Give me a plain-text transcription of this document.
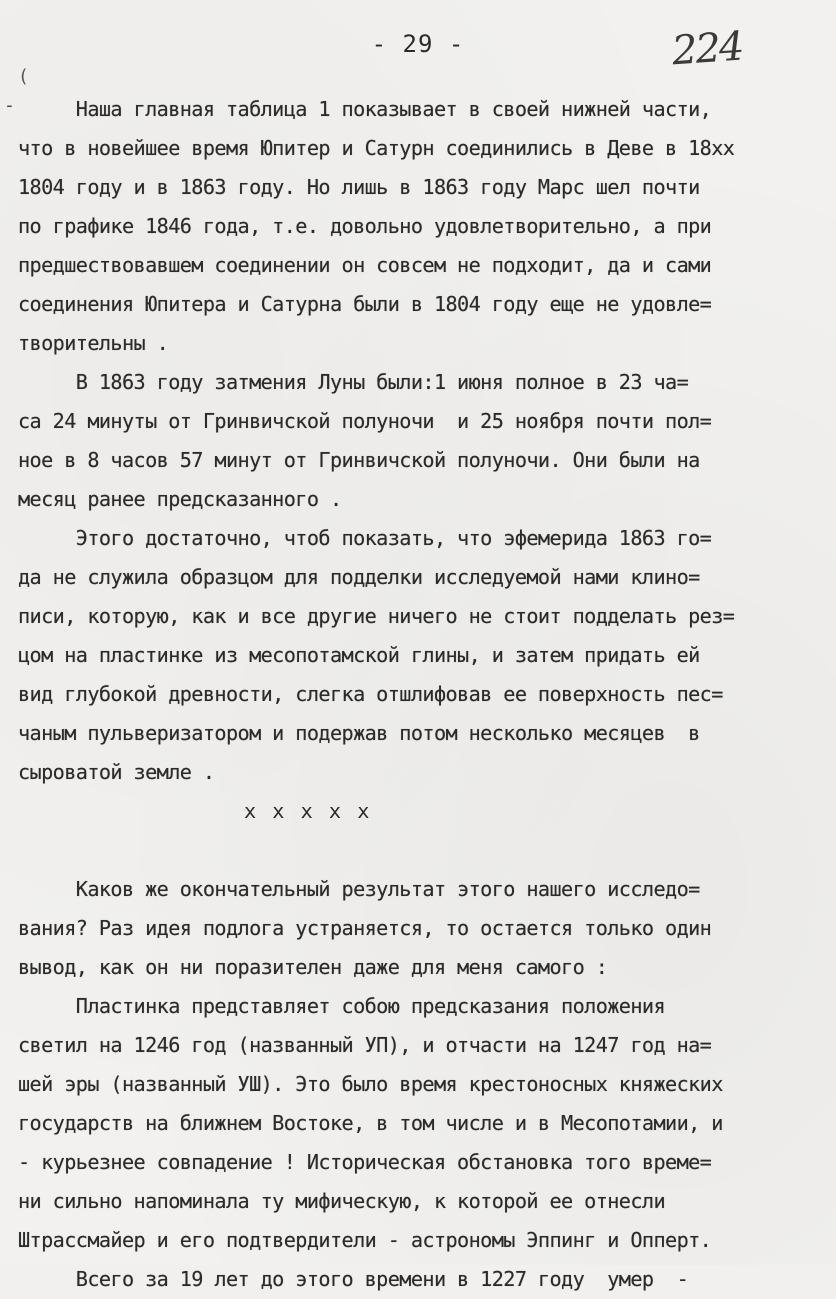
- 29 -	224
(
- Наша главная таблица 1 показывает в своей нижней части,
что в новейшее время Юпитер и Сатурн соединились в Деве в 18хх
1804 году и в 1863 году. Но лишь в 1863 году Марс шел почти
по графике 1846 года, т.е. довольно удовлетворительно, а при
предшествовавшем соединении он совсем не подходит, да и сами
соединения Юпитера и Сатурна были в 1804 году еще не удовле=
творительны .
В 1863 году затмения Луны были:1 июня полное в 23 ча=
са 24 минуты от Гринвичской полуночи  и 25 ноября почти пол=
ное в 8 часов 57 минут от Гринвичской полуночи. Они были на
месяц ранее предсказанного .
Этого достаточно, чтоб показать, что эфемерида 1863 го=
да не служила образцом для подделки исследуемой нами клино=
писи, которую, как и все другие ничего не стоит подделать рез=
цом на пластинке из месопотамской глины, и затем придать ей
вид глубокой древности, слегка отшлифовав ее поверхность пес=
чаным пульверизатором и подержав потом несколько месяцев  в
сыроватой земле .
x x x x x
Каков же окончательный результат этого нашего исследо=
вания? Раз идея подлога устраняется, то остается только один
вывод, как он ни поразителен даже для меня самого :
Пластинка представляет собою предсказания положения
светил на 1246 год (названный УП), и отчасти на 1247 год на=
шей эры (названный УШ). Это было время крестоносных княжеских
государств на ближнем Востоке, в том числе и в Месопотамии, и
- курьезнее совпадение ! Историческая обстановка того време=
ни сильно напоминала ту мифическую, к которой ее отнесли
Штрассмайер и его подтвердители - астрономы Эппинг и Опперт.
Всего за 19 лет до этого времени в 1227 году  умер  -
